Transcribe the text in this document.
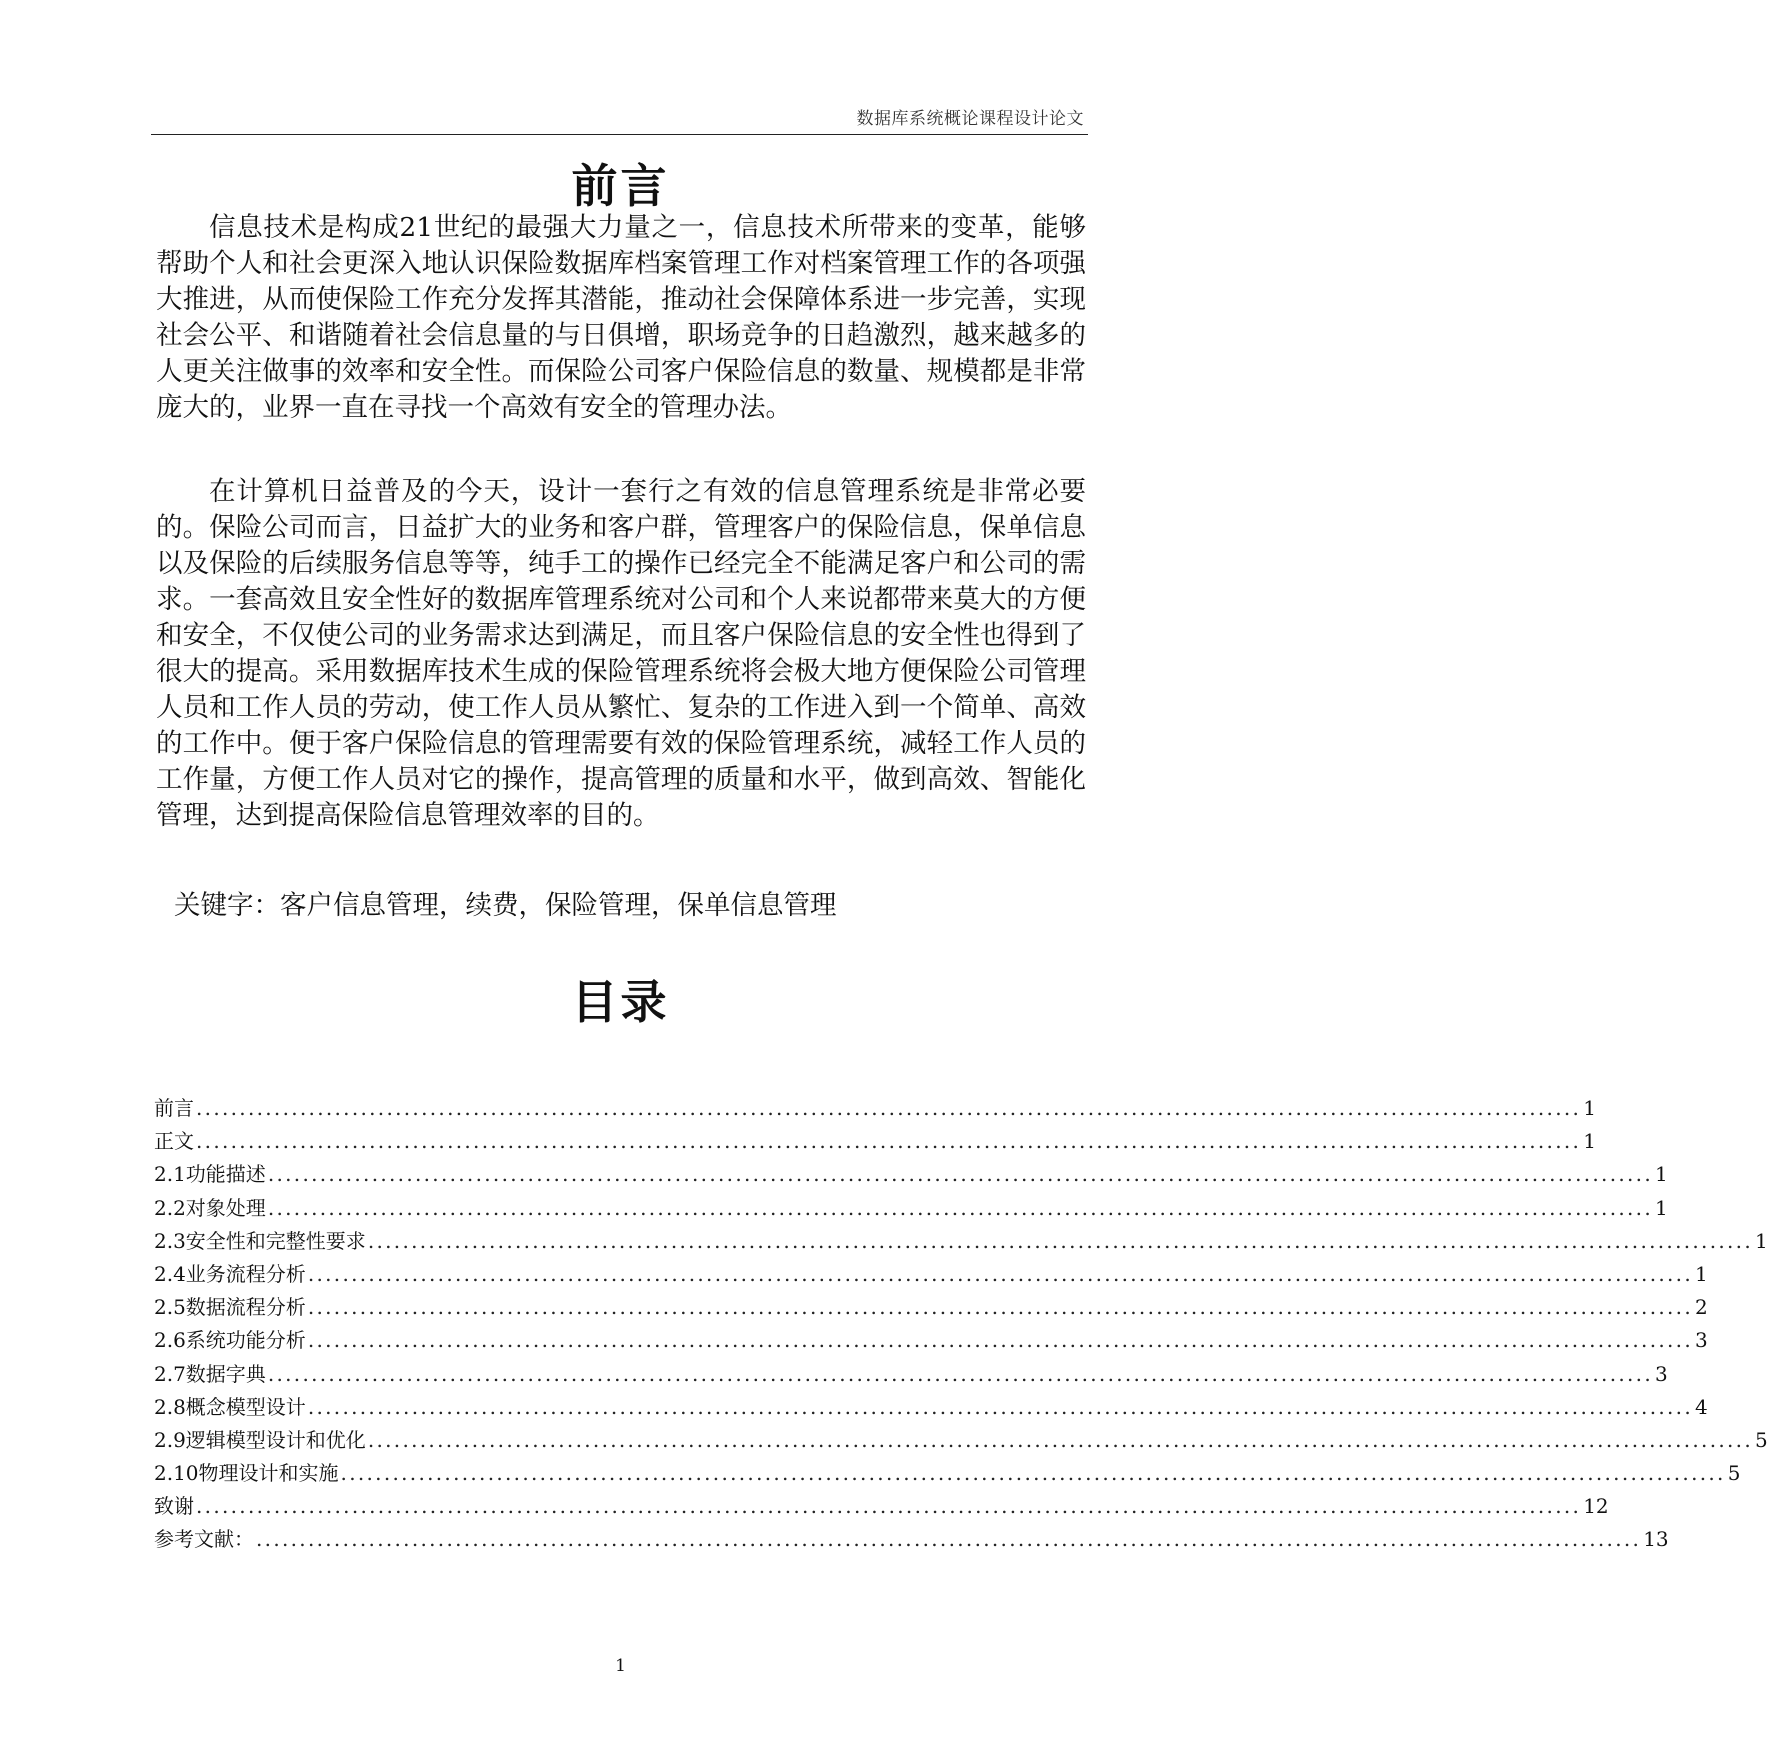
数据库系统概论课程设计论文
前言

信息技术是构成21世纪的最强大力量之一，信息技术所带来的变革，能够帮助个人和社会更深入地认识保险数据库档案管理工作对档案管理工作的各项强大推进，从而使保险工作充分发挥其潜能，推动社会保障体系进一步完善，实现社会公平、和谐随着社会信息量的与日俱增，职场竞争的日趋激烈，越来越多的人更关注做事的效率和安全性。而保险公司客户保险信息的数量、规模都是非常庞大的，业界一直在寻找一个高效有安全的管理办法。

在计算机日益普及的今天，设计一套行之有效的信息管理系统是非常必要的。保险公司而言，日益扩大的业务和客户群，管理客户的保险信息，保单信息以及保险的后续服务信息等等，纯手工的操作已经完全不能满足客户和公司的需求。一套高效且安全性好的数据库管理系统对公司和个人来说都带来莫大的方便和安全，不仅使公司的业务需求达到满足，而且客户保险信息的安全性也得到了很大的提高。采用数据库技术生成的保险管理系统将会极大地方便保险公司管理人员和工作人员的劳动，使工作人员从繁忙、复杂的工作进入到一个简单、高效的工作中。便于客户保险信息的管理需要有效的保险管理系统，减轻工作人员的工作量，方便工作人员对它的操作，提高管理的质量和水平，做到高效、智能化管理，达到提高保险信息管理效率的目的。

关键字：客户信息管理，续费，保险管理，保单信息管理

目录
前言 ................................................................................................................................................................ 1
正文 ................................................................................................................................................................ 1
2.1功能描述 ................................................................................................................................................................ 1
2.2对象处理 ................................................................................................................................................................ 1
2.3安全性和完整性要求 ................................................................................................................................................................ 1
2.4业务流程分析 ................................................................................................................................................................ 1
2.5数据流程分析 ................................................................................................................................................................ 2
2.6系统功能分析 ................................................................................................................................................................ 3
2.7数据字典 ................................................................................................................................................................ 3
2.8概念模型设计 ................................................................................................................................................................ 4
2.9逻辑模型设计和优化 ................................................................................................................................................................ 5
2.10物理设计和实施 ................................................................................................................................................................ 5
致谢 ................................................................................................................................................................ 12
参考文献： ................................................................................................................................................................ 13
1
